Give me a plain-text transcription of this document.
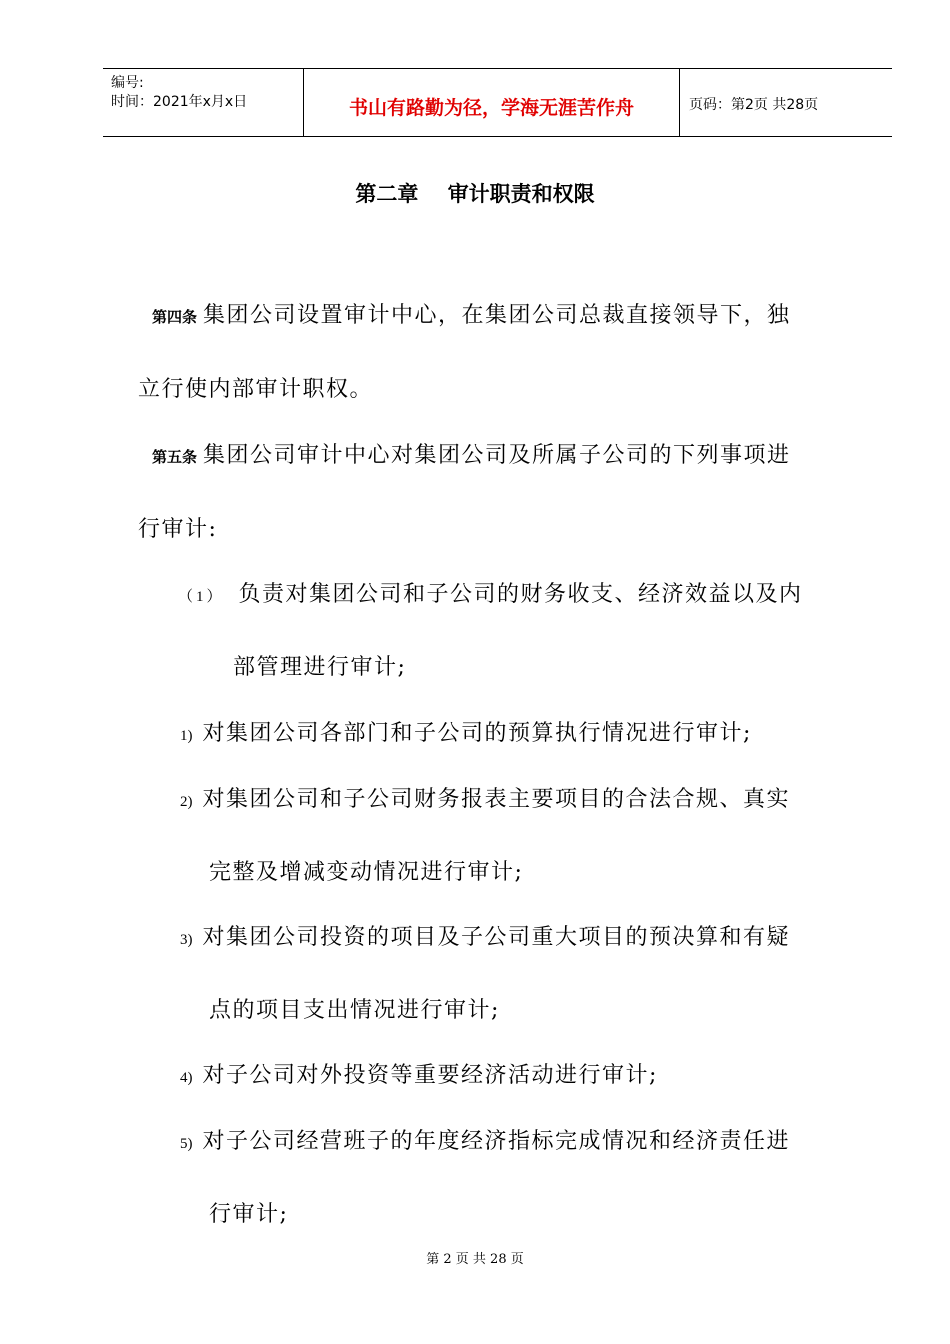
编号:
时间：2021年x月x日	书山有路勤为径，学海无涯苦作舟	页码：第2页 共28页
第二章    审计职责和权限
第四条 集团公司设置审计中心，在集团公司总裁直接领导下，独
立行使内部审计职权。
第五条 集团公司审计中心对集团公司及所属子公司的下列事项进
行审计:
（1） 负责对集团公司和子公司的财务收支、经济效益以及内
部管理进行审计;
1) 对集团公司各部门和子公司的预算执行情况进行审计;
2) 对集团公司和子公司财务报表主要项目的合法合规、真实
完整及增减变动情况进行审计;
3) 对集团公司投资的项目及子公司重大项目的预决算和有疑
点的项目支出情况进行审计;
4) 对子公司对外投资等重要经济活动进行审计;
5) 对子公司经营班子的年度经济指标完成情况和经济责任进
行审计;
第 2 页 共 28 页
